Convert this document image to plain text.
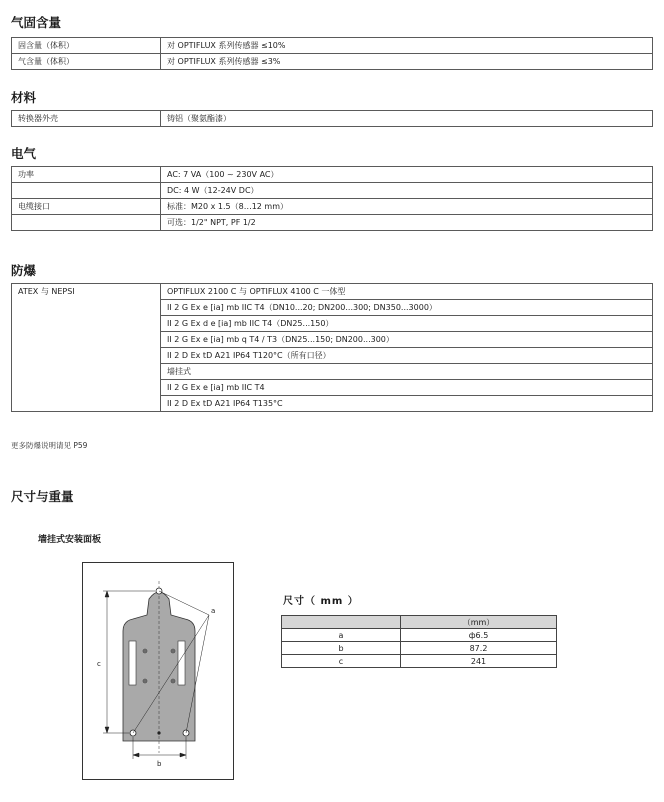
气固含量
固含量（体积）	对 OPTIFLUX 系列传感器 ≤10%
气含量（体积）	对 OPTIFLUX 系列传感器 ≤3%
材料
转换器外壳	铸铝（聚氨酯漆）
电气
功率	AC: 7 VA（100 ~ 230V AC）
	DC: 4 W（12-24V DC）
电缆接口	标准：M20 x 1.5（8…12 mm）
	可选：1/2" NPT, PF 1/2
防爆
ATEX 与 NEPSI	OPTIFLUX 2100 C 与 OPTIFLUX 4100 C 一体型
II 2 G Ex e [ia] mb IIC T4（DN10...20; DN200...300; DN350...3000）
II 2 G Ex d e [ia] mb IIC T4（DN25...150）
II 2 G Ex e [ia] mb q T4 / T3（DN25...150; DN200...300）
II 2 D Ex tD A21 IP64 T120°C（所有口径）
墙挂式
II 2 G Ex e [ia] mb IIC T4
II 2 D Ex tD A21 IP64 T135°C
更多防爆说明请见 P59
尺寸与重量
墙挂式安装面板
a
c
b
尺寸（ mm ）
	（mm）
a	ф6.5
b	87.2
c	241
